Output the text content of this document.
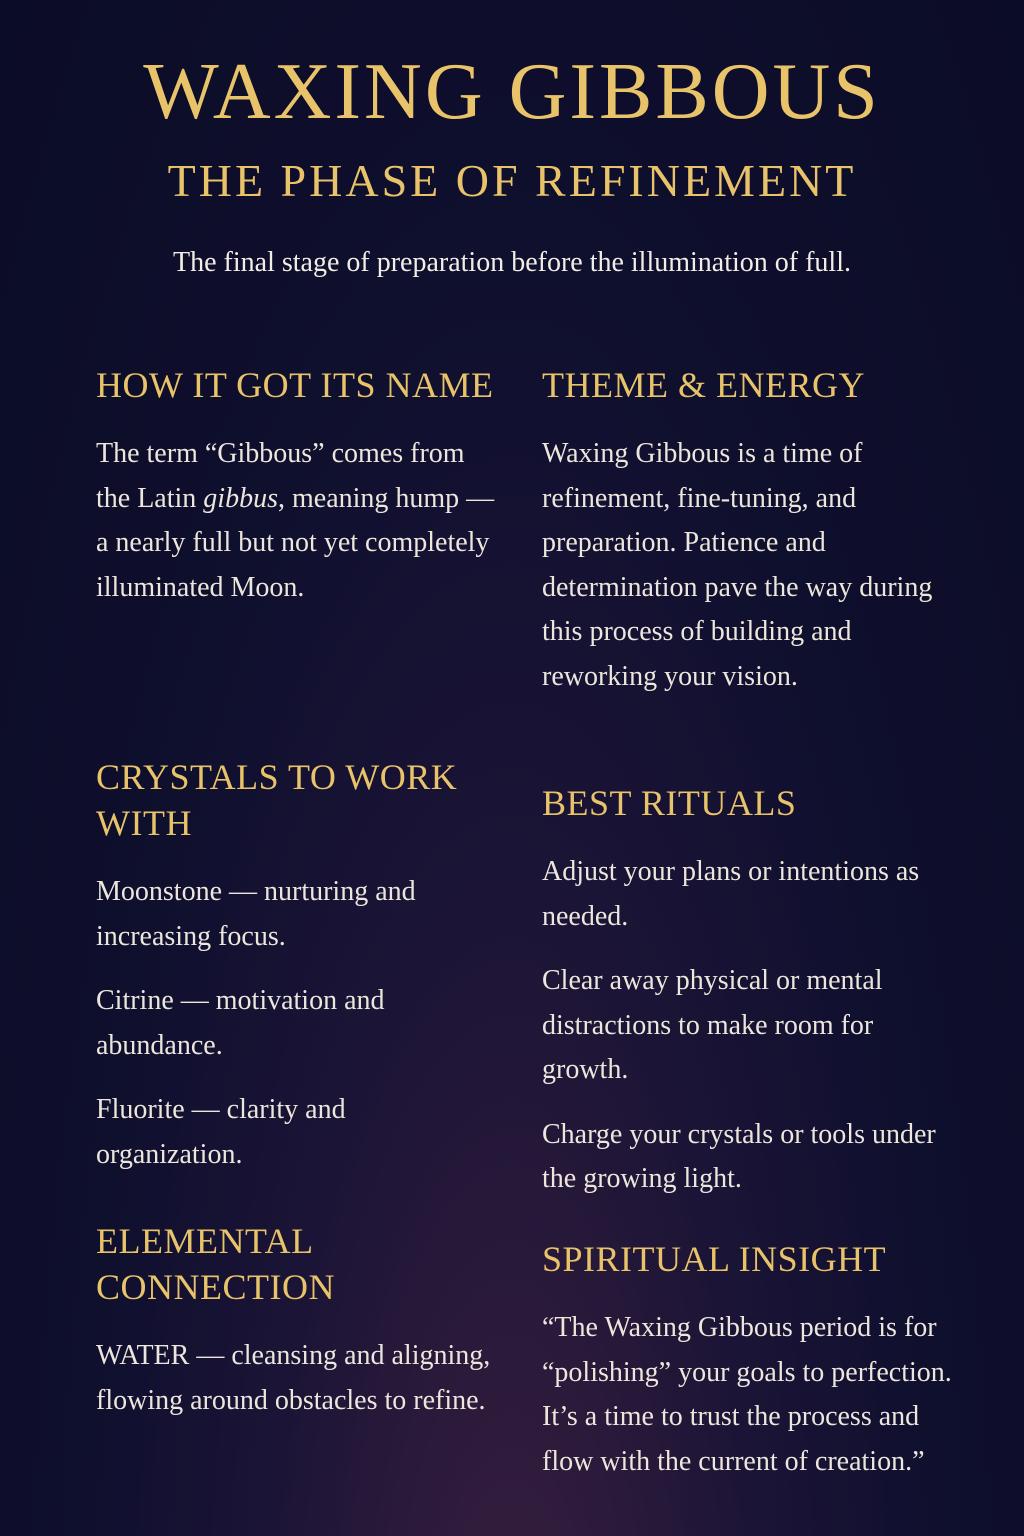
WAXING GIBBOUS
THE PHASE OF REFINEMENT
The final stage of preparation before the illumination of full.
HOW IT GOT ITS NAME

The term “Gibbous” comes from the Latin gibbus, meaning hump — a nearly full but not yet completely illuminated Moon.

CRYSTALS TO WORK WITH

Moonstone — nurturing and increasing focus.

Citrine — motivation and abundance.

Fluorite — clarity and organization.

ELEMENTAL CONNECTION

WATER — cleansing and aligning, flowing around obstacles to refine.

THEME & ENERGY

Waxing Gibbous is a time of refinement, fine-tuning, and preparation. Patience and determination pave the way during this process of building and reworking your vision.

BEST RITUALS

Adjust your plans or intentions as needed.

Clear away physical or mental distractions to make room for growth.

Charge your crystals or tools under the growing light.

SPIRITUAL INSIGHT

“The Waxing Gibbous period is for “polishing” your goals to perfection. It’s a time to trust the process and flow with the current of creation.”
